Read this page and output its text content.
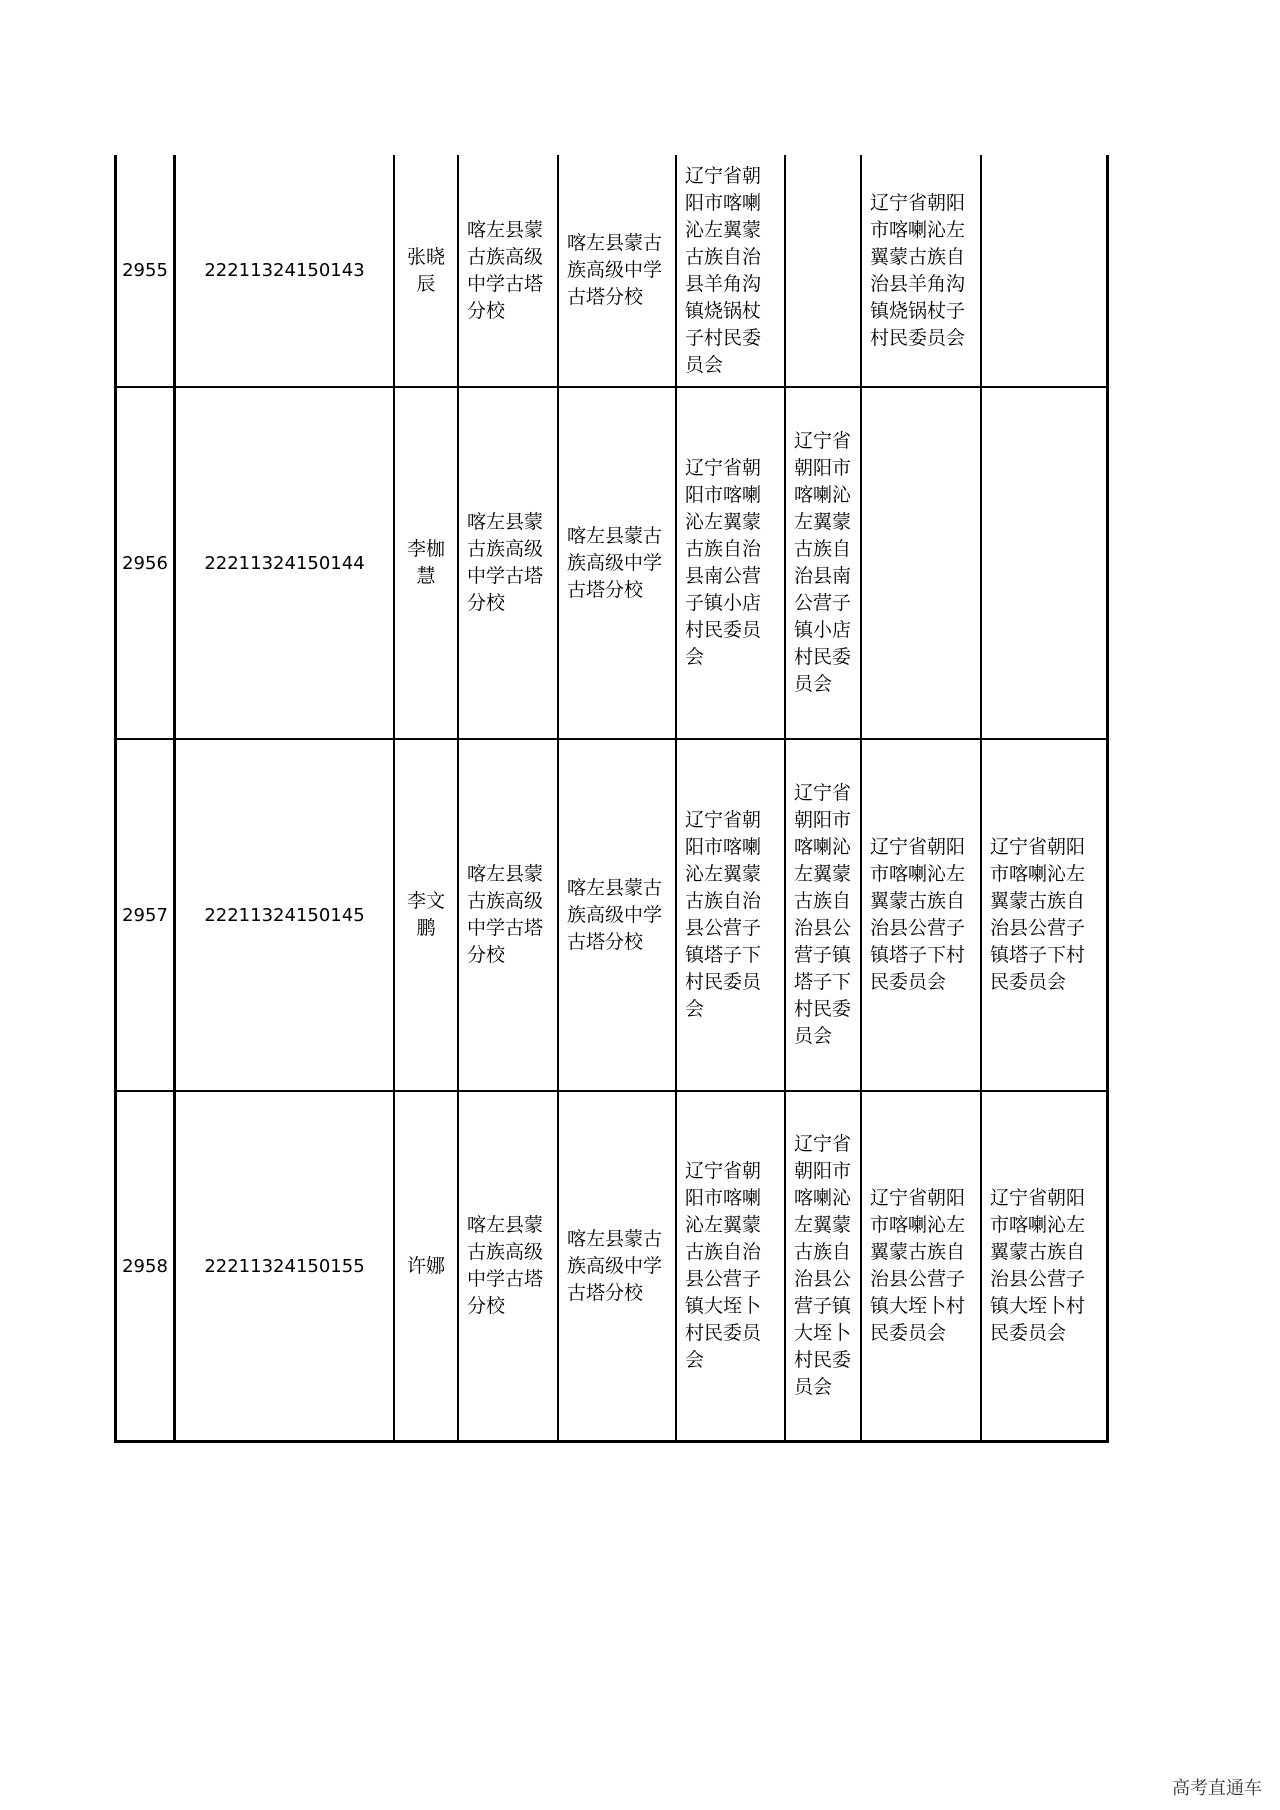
2955 22211324150143
张晓
辰
喀左县蒙
古族高级
中学古塔
分校
喀左县蒙古
族高级中学
古塔分校
辽宁省朝
阳市喀喇
沁左翼蒙
古族自治
县羊角沟
镇烧锅杖
子村民委
员会
辽宁省朝阳
市喀喇沁左
翼蒙古族自
治县羊角沟
镇烧锅杖子
村民委员会
2956 22211324150144
李枷
慧
喀左县蒙
古族高级
中学古塔
分校
喀左县蒙古
族高级中学
古塔分校
辽宁省朝
阳市喀喇
沁左翼蒙
古族自治
县南公营
子镇小店
村民委员
会
辽宁省
朝阳市
喀喇沁
左翼蒙
古族自
治县南
公营子
镇小店
村民委
员会
2957 22211324150145
李文
鹏
喀左县蒙
古族高级
中学古塔
分校
喀左县蒙古
族高级中学
古塔分校
辽宁省朝
阳市喀喇
沁左翼蒙
古族自治
县公营子
镇塔子下
村民委员
会
辽宁省
朝阳市
喀喇沁
左翼蒙
古族自
治县公
营子镇
塔子下
村民委
员会
辽宁省朝阳
市喀喇沁左
翼蒙古族自
治县公营子
镇塔子下村
民委员会
辽宁省朝阳
市喀喇沁左
翼蒙古族自
治县公营子
镇塔子下村
民委员会
2958 22211324150155 许娜
喀左县蒙
古族高级
中学古塔
分校
喀左县蒙古
族高级中学
古塔分校
辽宁省朝
阳市喀喇
沁左翼蒙
古族自治
县公营子
镇大垤卜
村民委员
会
辽宁省
朝阳市
喀喇沁
左翼蒙
古族自
治县公
营子镇
大垤卜
村民委
员会
辽宁省朝阳
市喀喇沁左
翼蒙古族自
治县公营子
镇大垤卜村
民委员会
辽宁省朝阳
市喀喇沁左
翼蒙古族自
治县公营子
镇大垤卜村
民委员会
高考直通车
